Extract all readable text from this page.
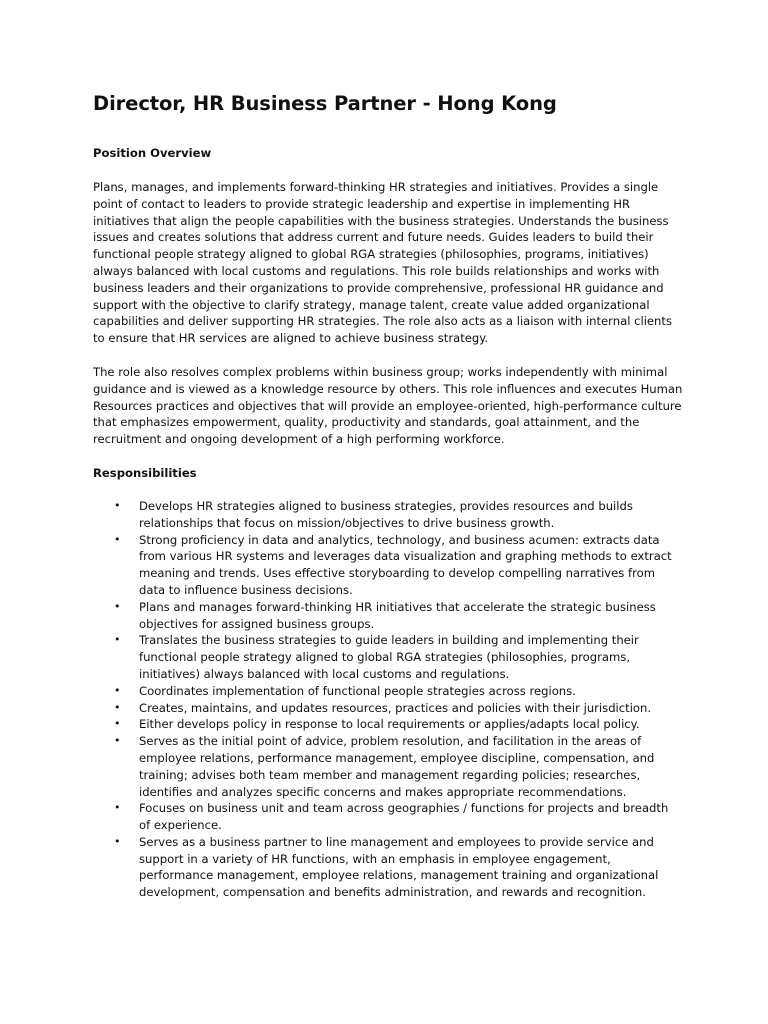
Director, HR Business Partner - Hong Kong
Position Overview

Plans, manages, and implements forward-thinking HR strategies and initiatives. Provides a single point of contact to leaders to provide strategic leadership and expertise in implementing HR initiatives that align the people capabilities with the business strategies. Understands the business issues and creates solutions that address current and future needs. Guides leaders to build their functional people strategy aligned to global RGA strategies (philosophies, programs, initiatives) always balanced with local customs and regulations. This role builds relationships and works with business leaders and their organizations to provide comprehensive, professional HR guidance and support with the objective to clarify strategy, manage talent, create value added organizational capabilities and deliver supporting HR strategies. The role also acts as a liaison with internal clients to ensure that HR services are aligned to achieve business strategy.

The role also resolves complex problems within business group; works independently with minimal guidance and is viewed as a knowledge resource by others. This role influences and executes Human Resources practices and objectives that will provide an employee-oriented, high-performance culture that emphasizes empowerment, quality, productivity and standards, goal attainment, and the recruitment and ongoing development of a high performing workforce.

Responsibilities
• Develops HR strategies aligned to business strategies, provides resources and builds relationships that focus on mission/objectives to drive business growth.
• Strong proficiency in data and analytics, technology, and business acumen: extracts data from various HR systems and leverages data visualization and graphing methods to extract meaning and trends. Uses effective storyboarding to develop compelling narratives from data to influence business decisions.
• Plans and manages forward-thinking HR initiatives that accelerate the strategic business objectives for assigned business groups.
• Translates the business strategies to guide leaders in building and implementing their functional people strategy aligned to global RGA strategies (philosophies, programs, initiatives) always balanced with local customs and regulations.
• Coordinates implementation of functional people strategies across regions.
• Creates, maintains, and updates resources, practices and policies with their jurisdiction.
• Either develops policy in response to local requirements or applies/adapts local policy.
• Serves as the initial point of advice, problem resolution, and facilitation in the areas of employee relations, performance management, employee discipline, compensation, and training; advises both team member and management regarding policies; researches, identifies and analyzes specific concerns and makes appropriate recommendations.
• Focuses on business unit and team across geographies / functions for projects and breadth of experience.
• Serves as a business partner to line management and employees to provide service and support in a variety of HR functions, with an emphasis in employee engagement, performance management, employee relations, management training and organizational development, compensation and benefits administration, and rewards and recognition.
